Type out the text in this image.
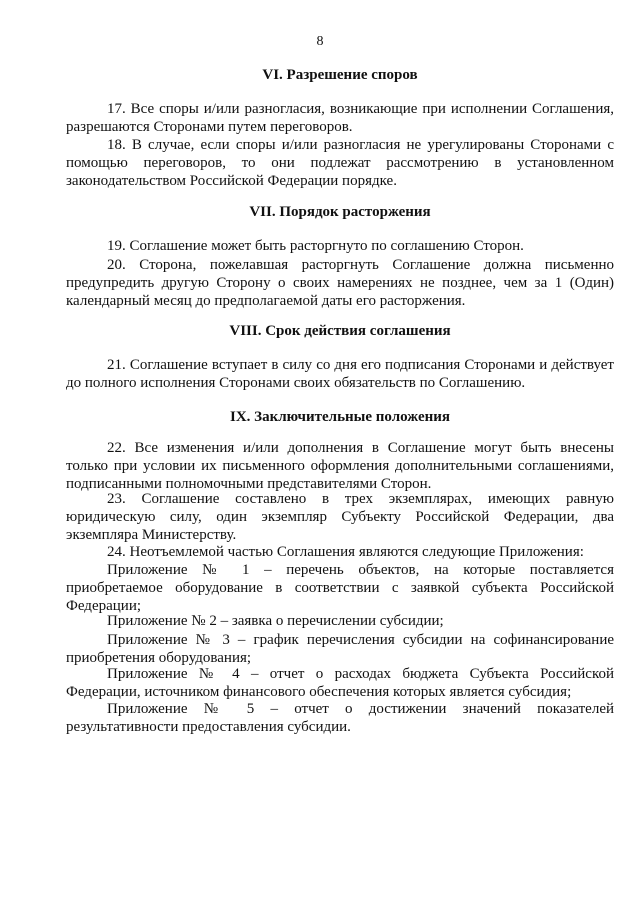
8
VI. Разрешение споров
17. Все споры и/или разногласия, возникающие при исполнении Соглашения, разрешаются Сторонами путем переговоров.
18. В случае, если споры и/или разногласия не урегулированы Сторонами с помощью переговоров, то они подлежат рассмотрению в установленном законодательством Российской Федерации порядке.
VII. Порядок расторжения
19. Соглашение может быть расторгнуто по соглашению Сторон.
20. Сторона, пожелавшая расторгнуть Соглашение должна письменно предупредить другую Сторону о своих намерениях не позднее, чем за 1 (Один) календарный месяц до предполагаемой даты его расторжения.
VIII. Срок действия соглашения
21. Соглашение вступает в силу со дня его подписания Сторонами и действует до полного исполнения Сторонами своих обязательств по Соглашению.
IX. Заключительные положения
22. Все изменения и/или дополнения в Соглашение могут быть внесены только при условии их письменного оформления дополнительными соглашениями, подписанными полномочными представителями Сторон.
23. Соглашение составлено в трех экземплярах, имеющих равную юридическую силу, один экземпляр Субъекту Российской Федерации, два экземпляра Министерству.
24. Неотъемлемой частью Соглашения являются следующие Приложения:
Приложение № 1 – перечень объектов, на которые поставляется приобретаемое оборудование в соответствии с заявкой субъекта Российской Федерации;
Приложение № 2 – заявка о перечислении субсидии;
Приложение № 3 – график перечисления субсидии на софинансирование приобретения оборудования;
Приложение № 4 – отчет о расходах бюджета Субъекта Российской Федерации, источником финансового обеспечения которых является субсидия;
Приложение № 5 – отчет о достижении значений показателей результативности предоставления субсидии.
